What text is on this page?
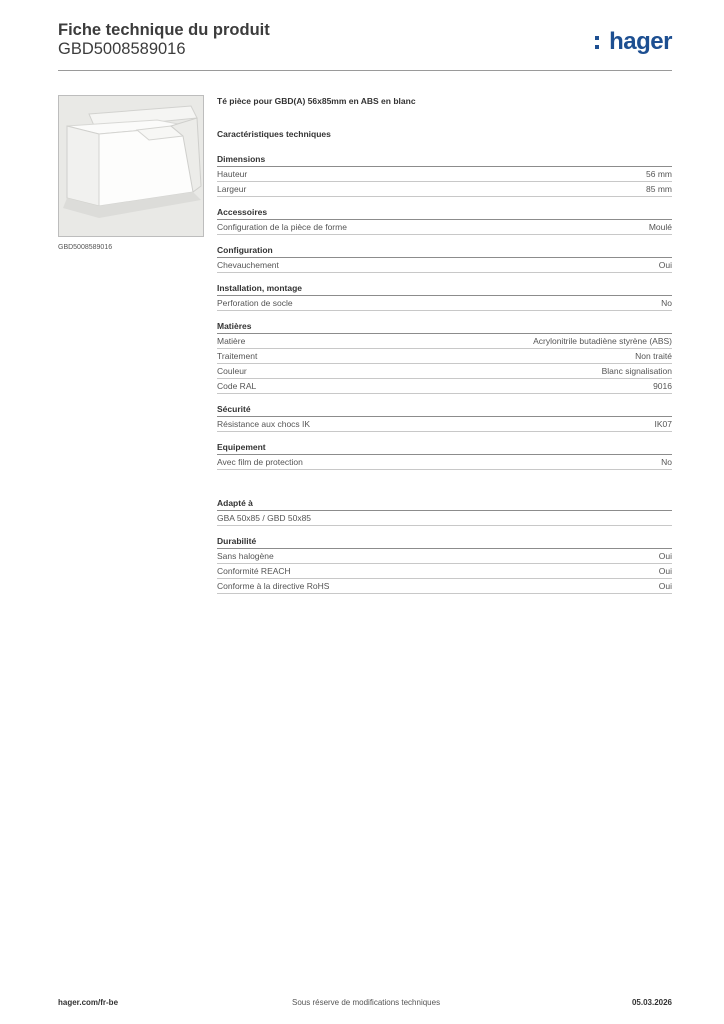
Fiche technique du produit
GBD5008589016	hager
GBD5008589016
Té pièce pour GBD(A) 56x85mm en ABS en blanc
Caractéristiques techniques
Dimensions
Hauteur	56 mm
Largeur	85 mm
Accessoires
Configuration de la pièce de forme	Moulé
Configuration
Chevauchement	Oui
Installation, montage
Perforation de socle	No
Matières
Matière	Acrylonitrile butadiène styrène (ABS)
Traitement	Non traité
Couleur	Blanc signalisation
Code RAL	9016
Sécurité
Résistance aux chocs IK	IK07
Equipement
Avec film de protection	No
Adapté à
GBA 50x85 / GBD 50x85
Durabilité
Sans halogène	Oui
Conformité REACH	Oui
Conforme à la directive RoHS	Oui
hager.com/fr-be	Sous réserve de modifications techniques	05.03.2026
